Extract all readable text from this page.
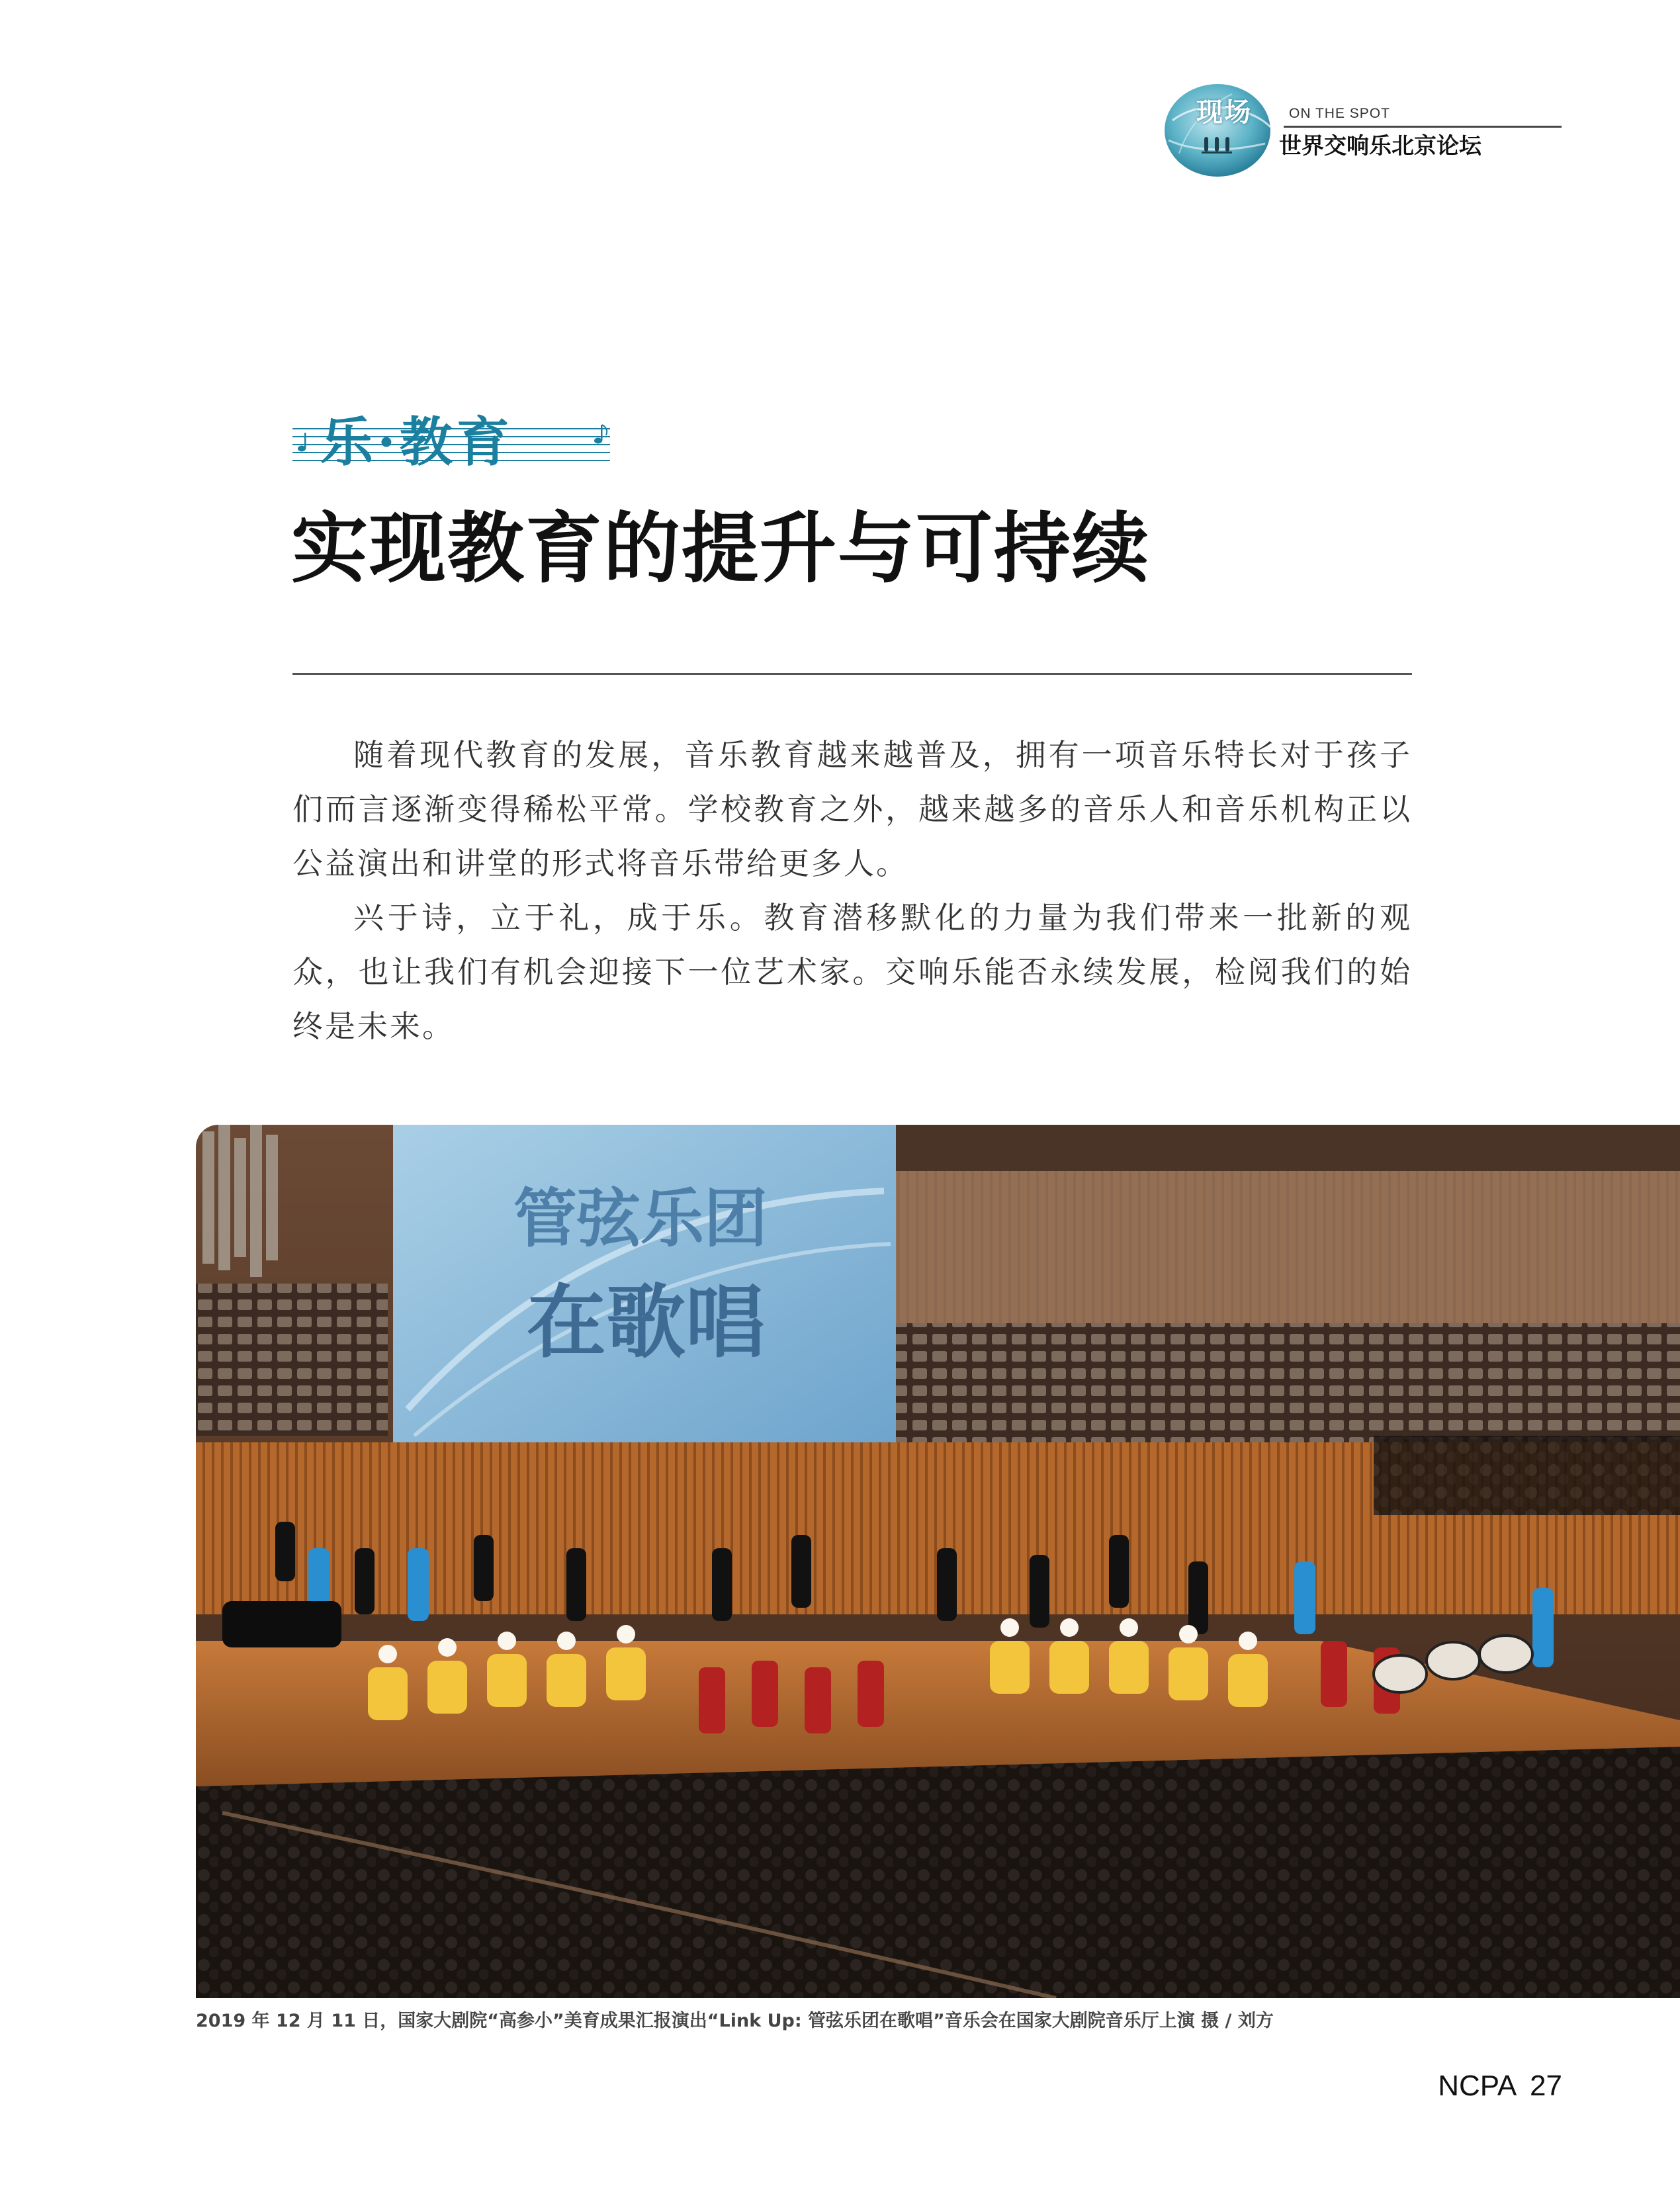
现场	ON THE SPOT
世界交响乐北京论坛
乐·教育
实现教育的提升与可持续

随着现代教育的发展，音乐教育越来越普及，拥有一项音乐特长对于孩子们而言逐渐变得稀松平常。学校教育之外，越来越多的音乐人和音乐机构正以公益演出和讲堂的形式将音乐带给更多人。

兴于诗，立于礼，成于乐。教育潜移默化的力量为我们带来一批新的观众，也让我们有机会迎接下一位艺术家。交响乐能否永续发展，检阅我们的始终是未来。

管弦乐团
在歌唱
2019 年 12 月 11 日，国家大剧院“高参小”美育成果汇报演出“Link Up: 管弦乐团在歌唱”音乐会在国家大剧院音乐厅上演 摄 / 刘方
NCPA 27
